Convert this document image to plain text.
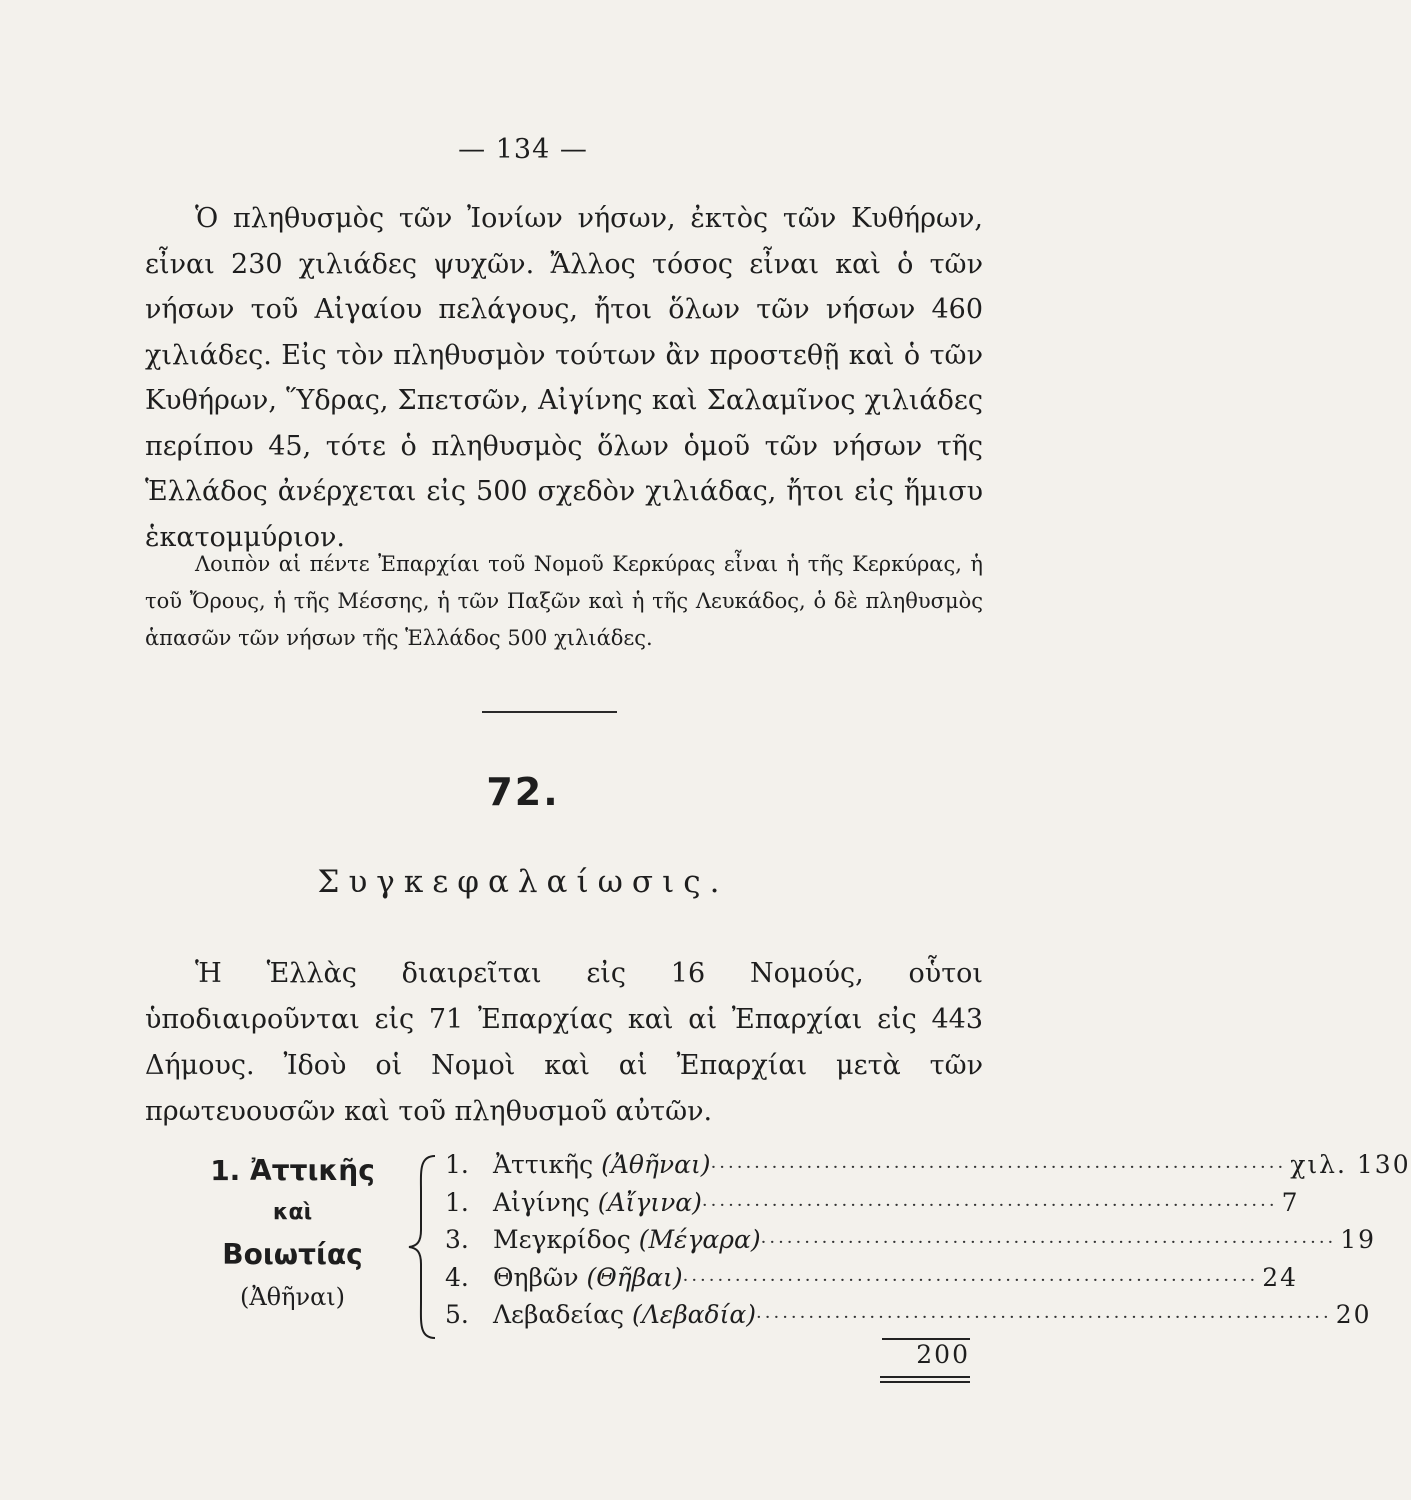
— 134 —

Ὁ πληθυσμὸς τῶν Ἰονίων νήσων, ἐκτὸς τῶν Κυθήρων, εἶναι 230 χιλιάδες ψυχῶν. Ἄλλος τόσος εἶναι καὶ ὁ τῶν νήσων τοῦ Αἰγαίου πελάγους, ἤτοι ὅλων τῶν νήσων 460 χιλιάδες. Εἰς τὸν πληθυσμὸν τούτων ἂν προστεθῇ καὶ ὁ τῶν Κυθήρων, Ὕδρας, Σπετσῶν, Αἰγίνης καὶ Σαλαμῖνος χιλιάδες περίπου 45, τότε ὁ πληθυσμὸς ὅλων ὁμοῦ τῶν νήσων τῆς Ἑλλάδος ἀνέρχεται εἰς 500 σχεδὸν χιλιάδας, ἤτοι εἰς ἥμισυ ἑκατομμύριον.

Λοιπὸν αἱ πέντε Ἐπαρχίαι τοῦ Νομοῦ Κερκύρας εἶναι ἡ τῆς Κερκύρας, ἡ τοῦ Ὄρους, ἡ τῆς Μέσσης, ἡ τῶν Παξῶν καὶ ἡ τῆς Λευκάδος, ὁ δὲ πληθυσμὸς ἁπασῶν τῶν νήσων τῆς Ἑλλάδος 500 χιλιάδες.

72.
Συγκεφαλαίωσις.

Ἡ Ἑλλὰς διαιρεῖται εἰς 16 Νομούς, οὗτοι ὑποδιαιροῦνται εἰς 71 Ἐπαρχίας καὶ αἱ Ἐπαρχίαι εἰς 443 Δήμους. Ἰδοὺ οἱ Νομοὶ καὶ αἱ Ἐπαρχίαι μετὰ τῶν πρωτευουσῶν καὶ τοῦ πληθυσμοῦ αὐτῶν.

1. Ἀττικῆς
καὶ
Βοιωτίας
(Ἀθῆναι)
1. Ἀττικῆς (Ἀθῆναι) ·································································· χιλ. 130
1. Αἰγίνης (Αἴγινα) ·································································· 7
3. Μεγκρίδος (Μέγαρα) ·································································· 19
4. Θηβῶν (Θῆβαι) ·································································· 24
5. Λεβαδείας (Λεβαδία) ·································································· 20
200
